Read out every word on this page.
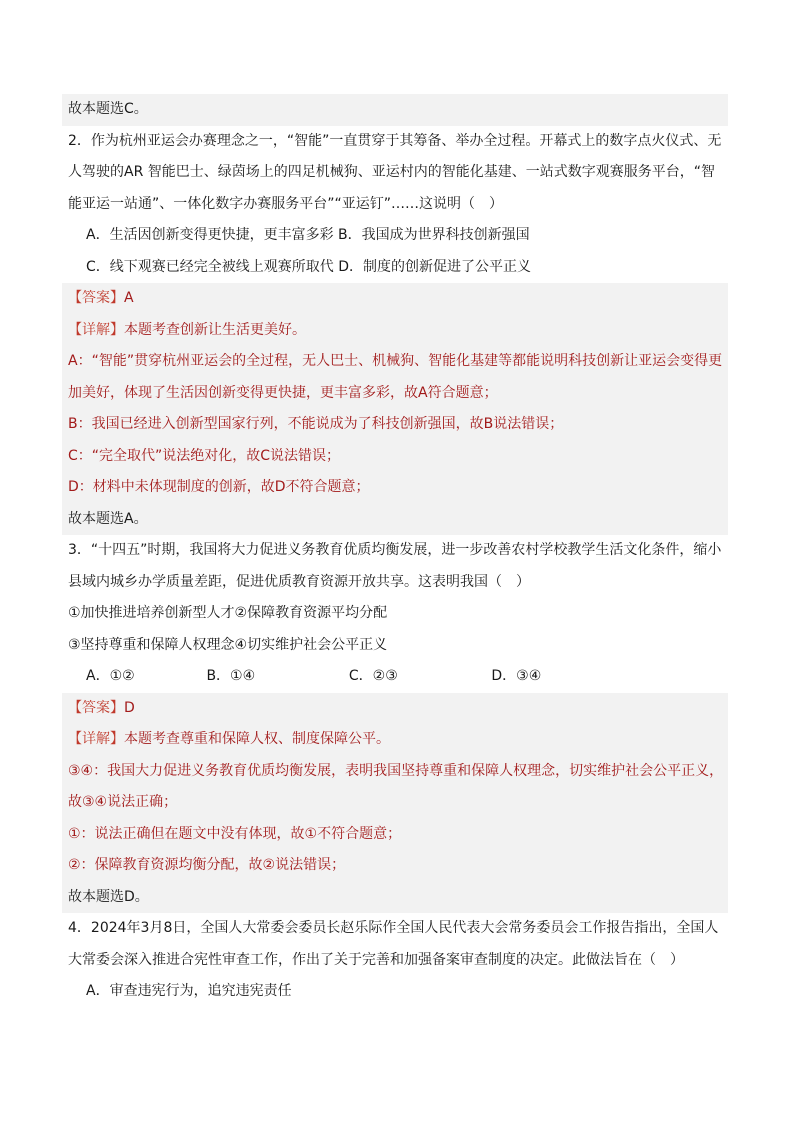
故本题选C。
2．作为杭州亚运会办赛理念之一，“智能”一直贯穿于其筹备、举办全过程。开幕式上的数字点火仪式、无
人驾驶的AR 智能巴士、绿茵场上的四足机械狗、亚运村内的智能化基建、一站式数字观赛服务平台，“智
能亚运一站通”、一体化数字办赛服务平台”“亚运钉”……这说明（　）
A．生活因创新变得更快捷，更丰富多彩 B．我国成为世界科技创新强国
C．线下观赛已经完全被线上观赛所取代 D．制度的创新促进了公平正义
【答案】A
【详解】本题考查创新让生活更美好。
A：“智能”贯穿杭州亚运会的全过程，无人巴士、机械狗、智能化基建等都能说明科技创新让亚运会变得更
加美好，体现了生活因创新变得更快捷，更丰富多彩，故A符合题意；
B：我国已经进入创新型国家行列，不能说成为了科技创新强国，故B说法错误；
C：“完全取代”说法绝对化，故C说法错误；
D：材料中未体现制度的创新，故D不符合题意；
故本题选A。
3．“十四五”时期，我国将大力促进义务教育优质均衡发展，进一步改善农村学校教学生活文化条件，缩小
县域内城乡办学质量差距，促进优质教育资源开放共享。这表明我国（　）
①加快推进培养创新型人才②保障教育资源平均分配
③坚持尊重和保障人权理念④切实维护社会公平正义
A．①②	B．①④	C．②③	D．③④
【答案】D
【详解】本题考查尊重和保障人权、制度保障公平。
③④：我国大力促进义务教育优质均衡发展，表明我国坚持尊重和保障人权理念，切实维护社会公平正义，
故③④说法正确；
①：说法正确但在题文中没有体现，故①不符合题意；
②：保障教育资源均衡分配，故②说法错误；
故本题选D。
4．2024年3月8日，全国人大常委会委员长赵乐际作全国人民代表大会常务委员会工作报告指出，全国人
大常委会深入推进合宪性审查工作，作出了关于完善和加强备案审查制度的决定。此做法旨在（　）
A．审查违宪行为，追究违宪责任
